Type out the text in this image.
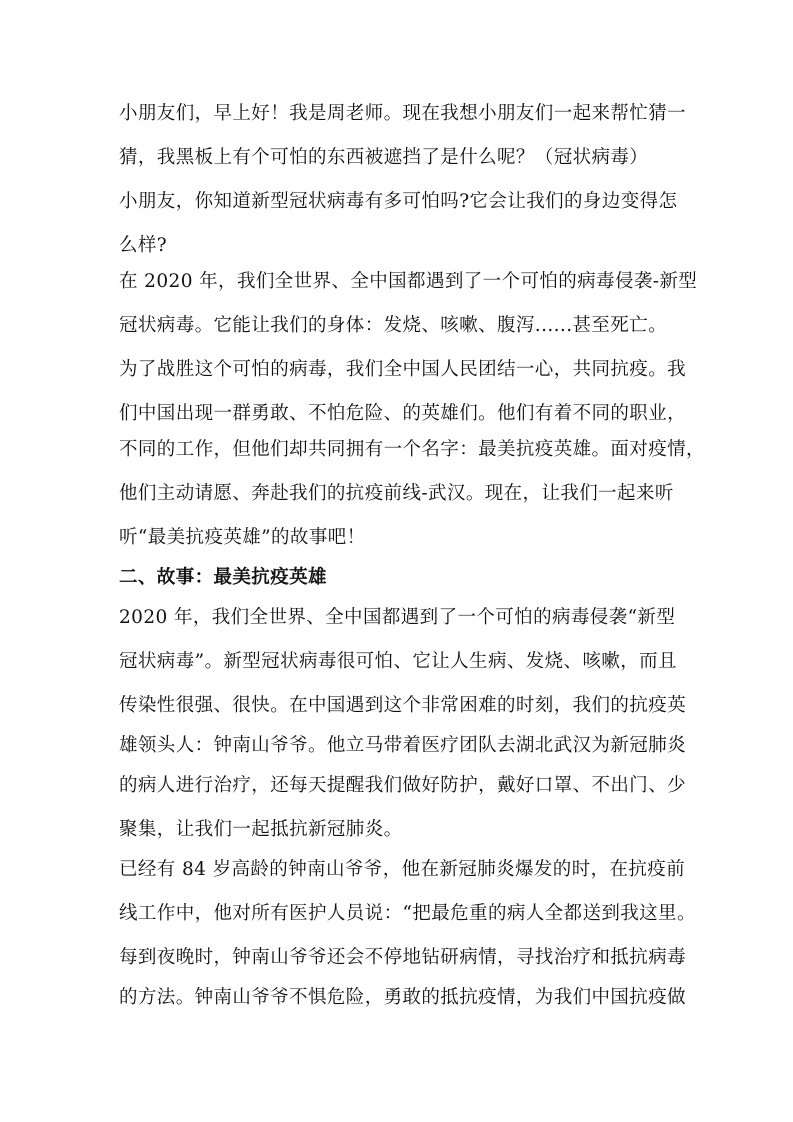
小朋友们，早上好！我是周老师。现在我想小朋友们一起来帮忙猜一
猜，我黑板上有个可怕的东西被遮挡了是什么呢？（冠状病毒）
小朋友，你知道新型冠状病毒有多可怕吗?它会让我们的身边变得怎
么样?
在 2020 年，我们全世界、全中国都遇到了一个可怕的病毒侵袭-新型
冠状病毒。它能让我们的身体：发烧、咳嗽、腹泻......甚至死亡。
为了战胜这个可怕的病毒，我们全中国人民团结一心，共同抗疫。我
们中国出现一群勇敢、不怕危险、的英雄们。他们有着不同的职业，
不同的工作，但他们却共同拥有一个名字：最美抗疫英雄。面对疫情，
他们主动请愿、奔赴我们的抗疫前线-武汉。现在，让我们一起来听
听“最美抗疫英雄”的故事吧！
二、故事：最美抗疫英雄
2020 年，我们全世界、全中国都遇到了一个可怕的病毒侵袭“新型
冠状病毒”。新型冠状病毒很可怕、它让人生病、发烧、咳嗽，而且
传染性很强、很快。在中国遇到这个非常困难的时刻，我们的抗疫英
雄领头人：钟南山爷爷。他立马带着医疗团队去湖北武汉为新冠肺炎
的病人进行治疗，还每天提醒我们做好防护，戴好口罩、不出门、少
聚集，让我们一起抵抗新冠肺炎。
已经有 84 岁高龄的钟南山爷爷，他在新冠肺炎爆发的时，在抗疫前
线工作中，他对所有医护人员说：“把最危重的病人全都送到我这里。
每到夜晚时，钟南山爷爷还会不停地钻研病情，寻找治疗和抵抗病毒
的方法。钟南山爷爷不惧危险，勇敢的抵抗疫情，为我们中国抗疫做
